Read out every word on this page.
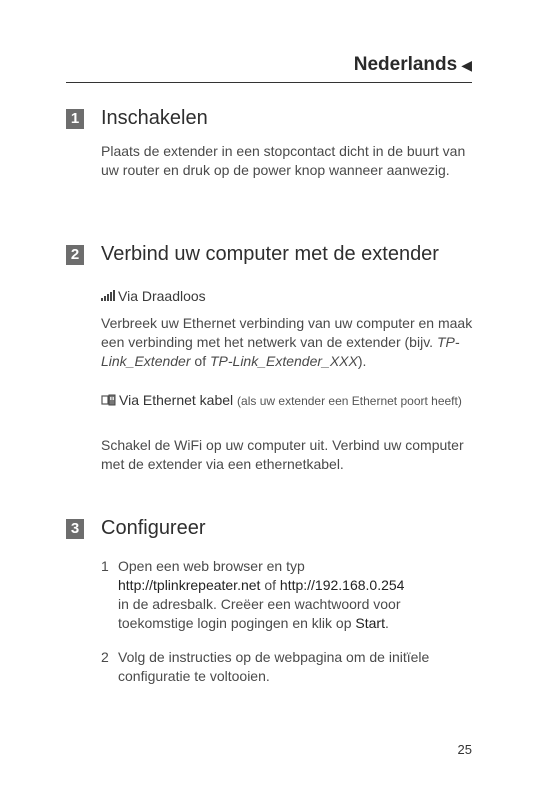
Nederlands ◀
1 Inschakelen
Plaats de extender in een stopcontact dicht in de buurt van uw router en druk op de power knop wanneer aanwezig.
2 Verbind uw computer met de extender
Via Draadloos
Verbreek uw Ethernet verbinding van uw computer en maak een verbinding met het netwerk van de extender (bijv. TP-Link_Extender of TP-Link_Extender_XXX).
Via Ethernet kabel (als uw extender een Ethernet poort heeft)
Schakel de WiFi op uw computer uit. Verbind uw computer met de extender via een ethernetkabel.
3 Configureer
1 Open een web browser en typ
http://tplinkrepeater.net of http://192.168.0.254
in de adresbalk. Creëer een wachtwoord voor toekomstige login pogingen en klik op Start.
2 Volg de instructies op de webpagina om de initïele configuratie te voltooien.
25
